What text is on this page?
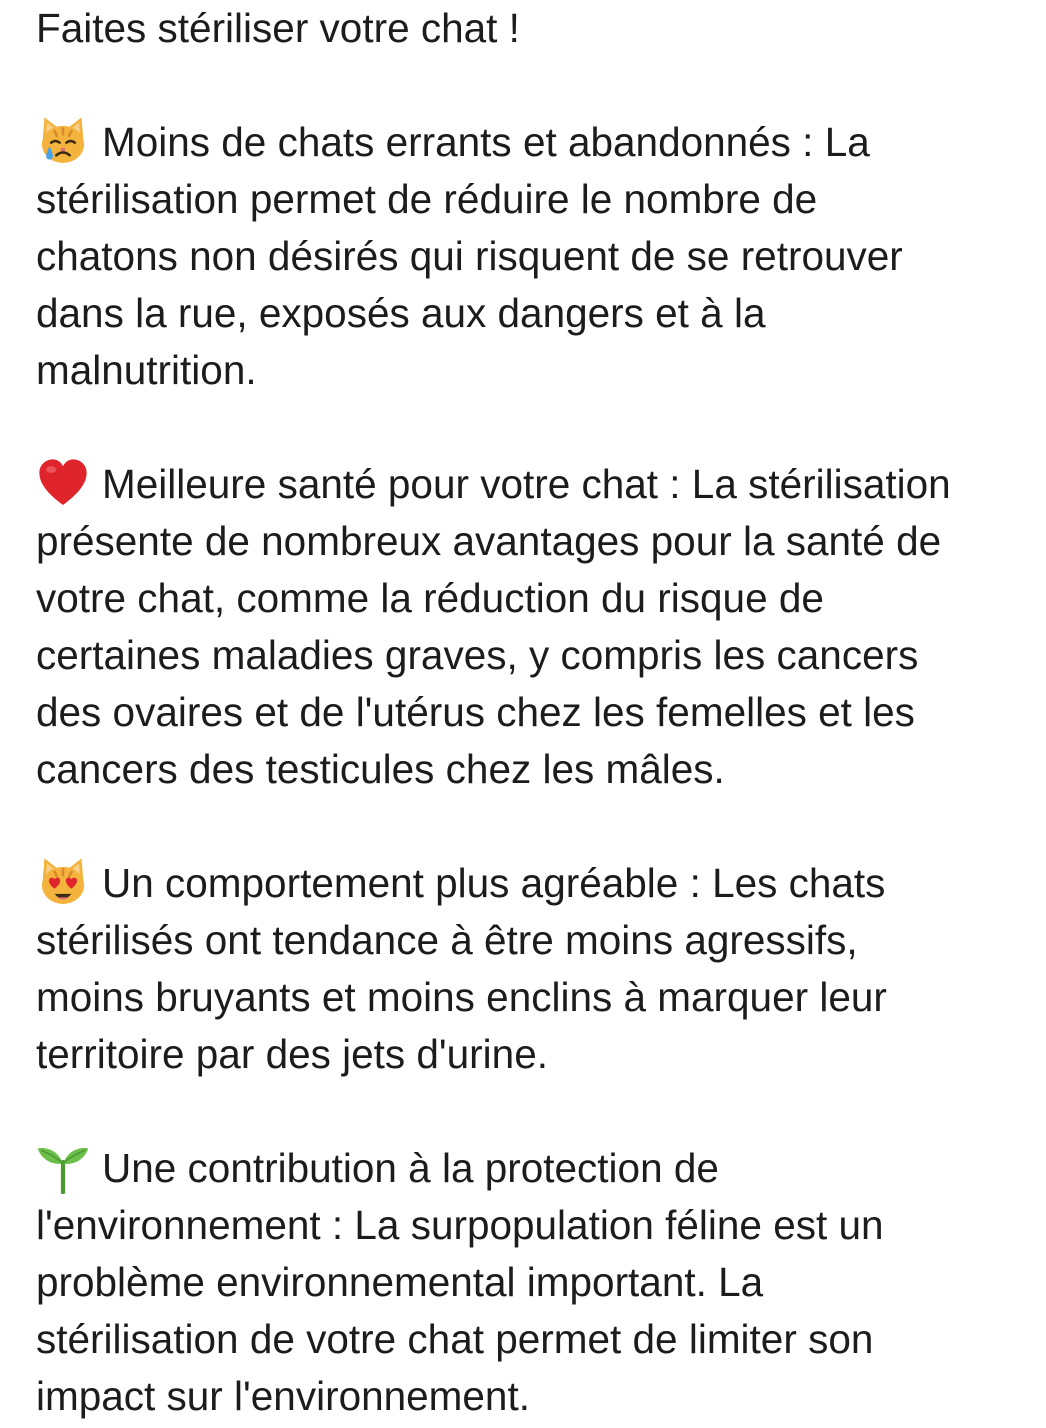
Faites stériliser votre chat !
Moins de chats errants et abandonnés : La
stérilisation permet de réduire le nombre de
chatons non désirés qui risquent de se retrouver
dans la rue, exposés aux dangers et à la
malnutrition.
Meilleure santé pour votre chat : La stérilisation
présente de nombreux avantages pour la santé de
votre chat, comme la réduction du risque de
certaines maladies graves, y compris les cancers
des ovaires et de l'utérus chez les femelles et les
cancers des testicules chez les mâles.
Un comportement plus agréable : Les chats
stérilisés ont tendance à être moins agressifs,
moins bruyants et moins enclins à marquer leur
territoire par des jets d'urine.
Une contribution à la protection de
l'environnement : La surpopulation féline est un
problème environnemental important. La
stérilisation de votre chat permet de limiter son
impact sur l'environnement.
